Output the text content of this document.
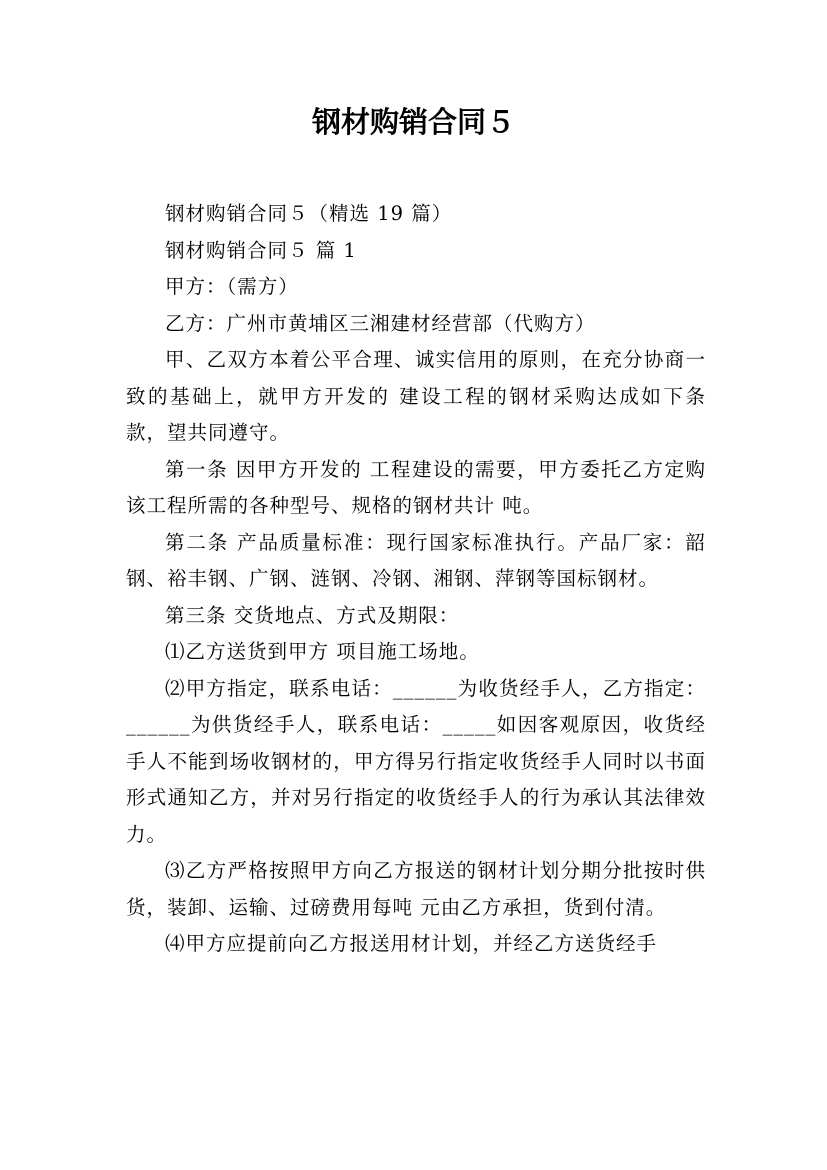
钢材购销合同５

钢材购销合同５（精选 19 篇）

钢材购销合同５ 篇 1

甲方：（需方）

乙方：广州市黄埔区三湘建材经营部（代购方）

甲、乙双方本着公平合理、诚实信用的原则，在充分协商一致的基础上，就甲方开发的 建设工程的钢材采购达成如下条款，望共同遵守。

第一条 因甲方开发的 工程建设的需要，甲方委托乙方定购该工程所需的各种型号、规格的钢材共计 吨。

第二条 产品质量标准：现行国家标准执行。产品厂家：韶钢、裕丰钢、广钢、涟钢、冷钢、湘钢、萍钢等国标钢材。

第三条 交货地点、方式及期限：

⑴乙方送货到甲方 项目施工场地。

⑵甲方指定，联系电话：______为收货经手人，乙方指定：______为供货经手人，联系电话：_____如因客观原因，收货经手人不能到场收钢材的，甲方得另行指定收货经手人同时以书面形式通知乙方，并对另行指定的收货经手人的行为承认其法律效力。

⑶乙方严格按照甲方向乙方报送的钢材计划分期分批按时供货，装卸、运输、过磅费用每吨 元由乙方承担，货到付清。

⑷甲方应提前向乙方报送用材计划，并经乙方送货经手
